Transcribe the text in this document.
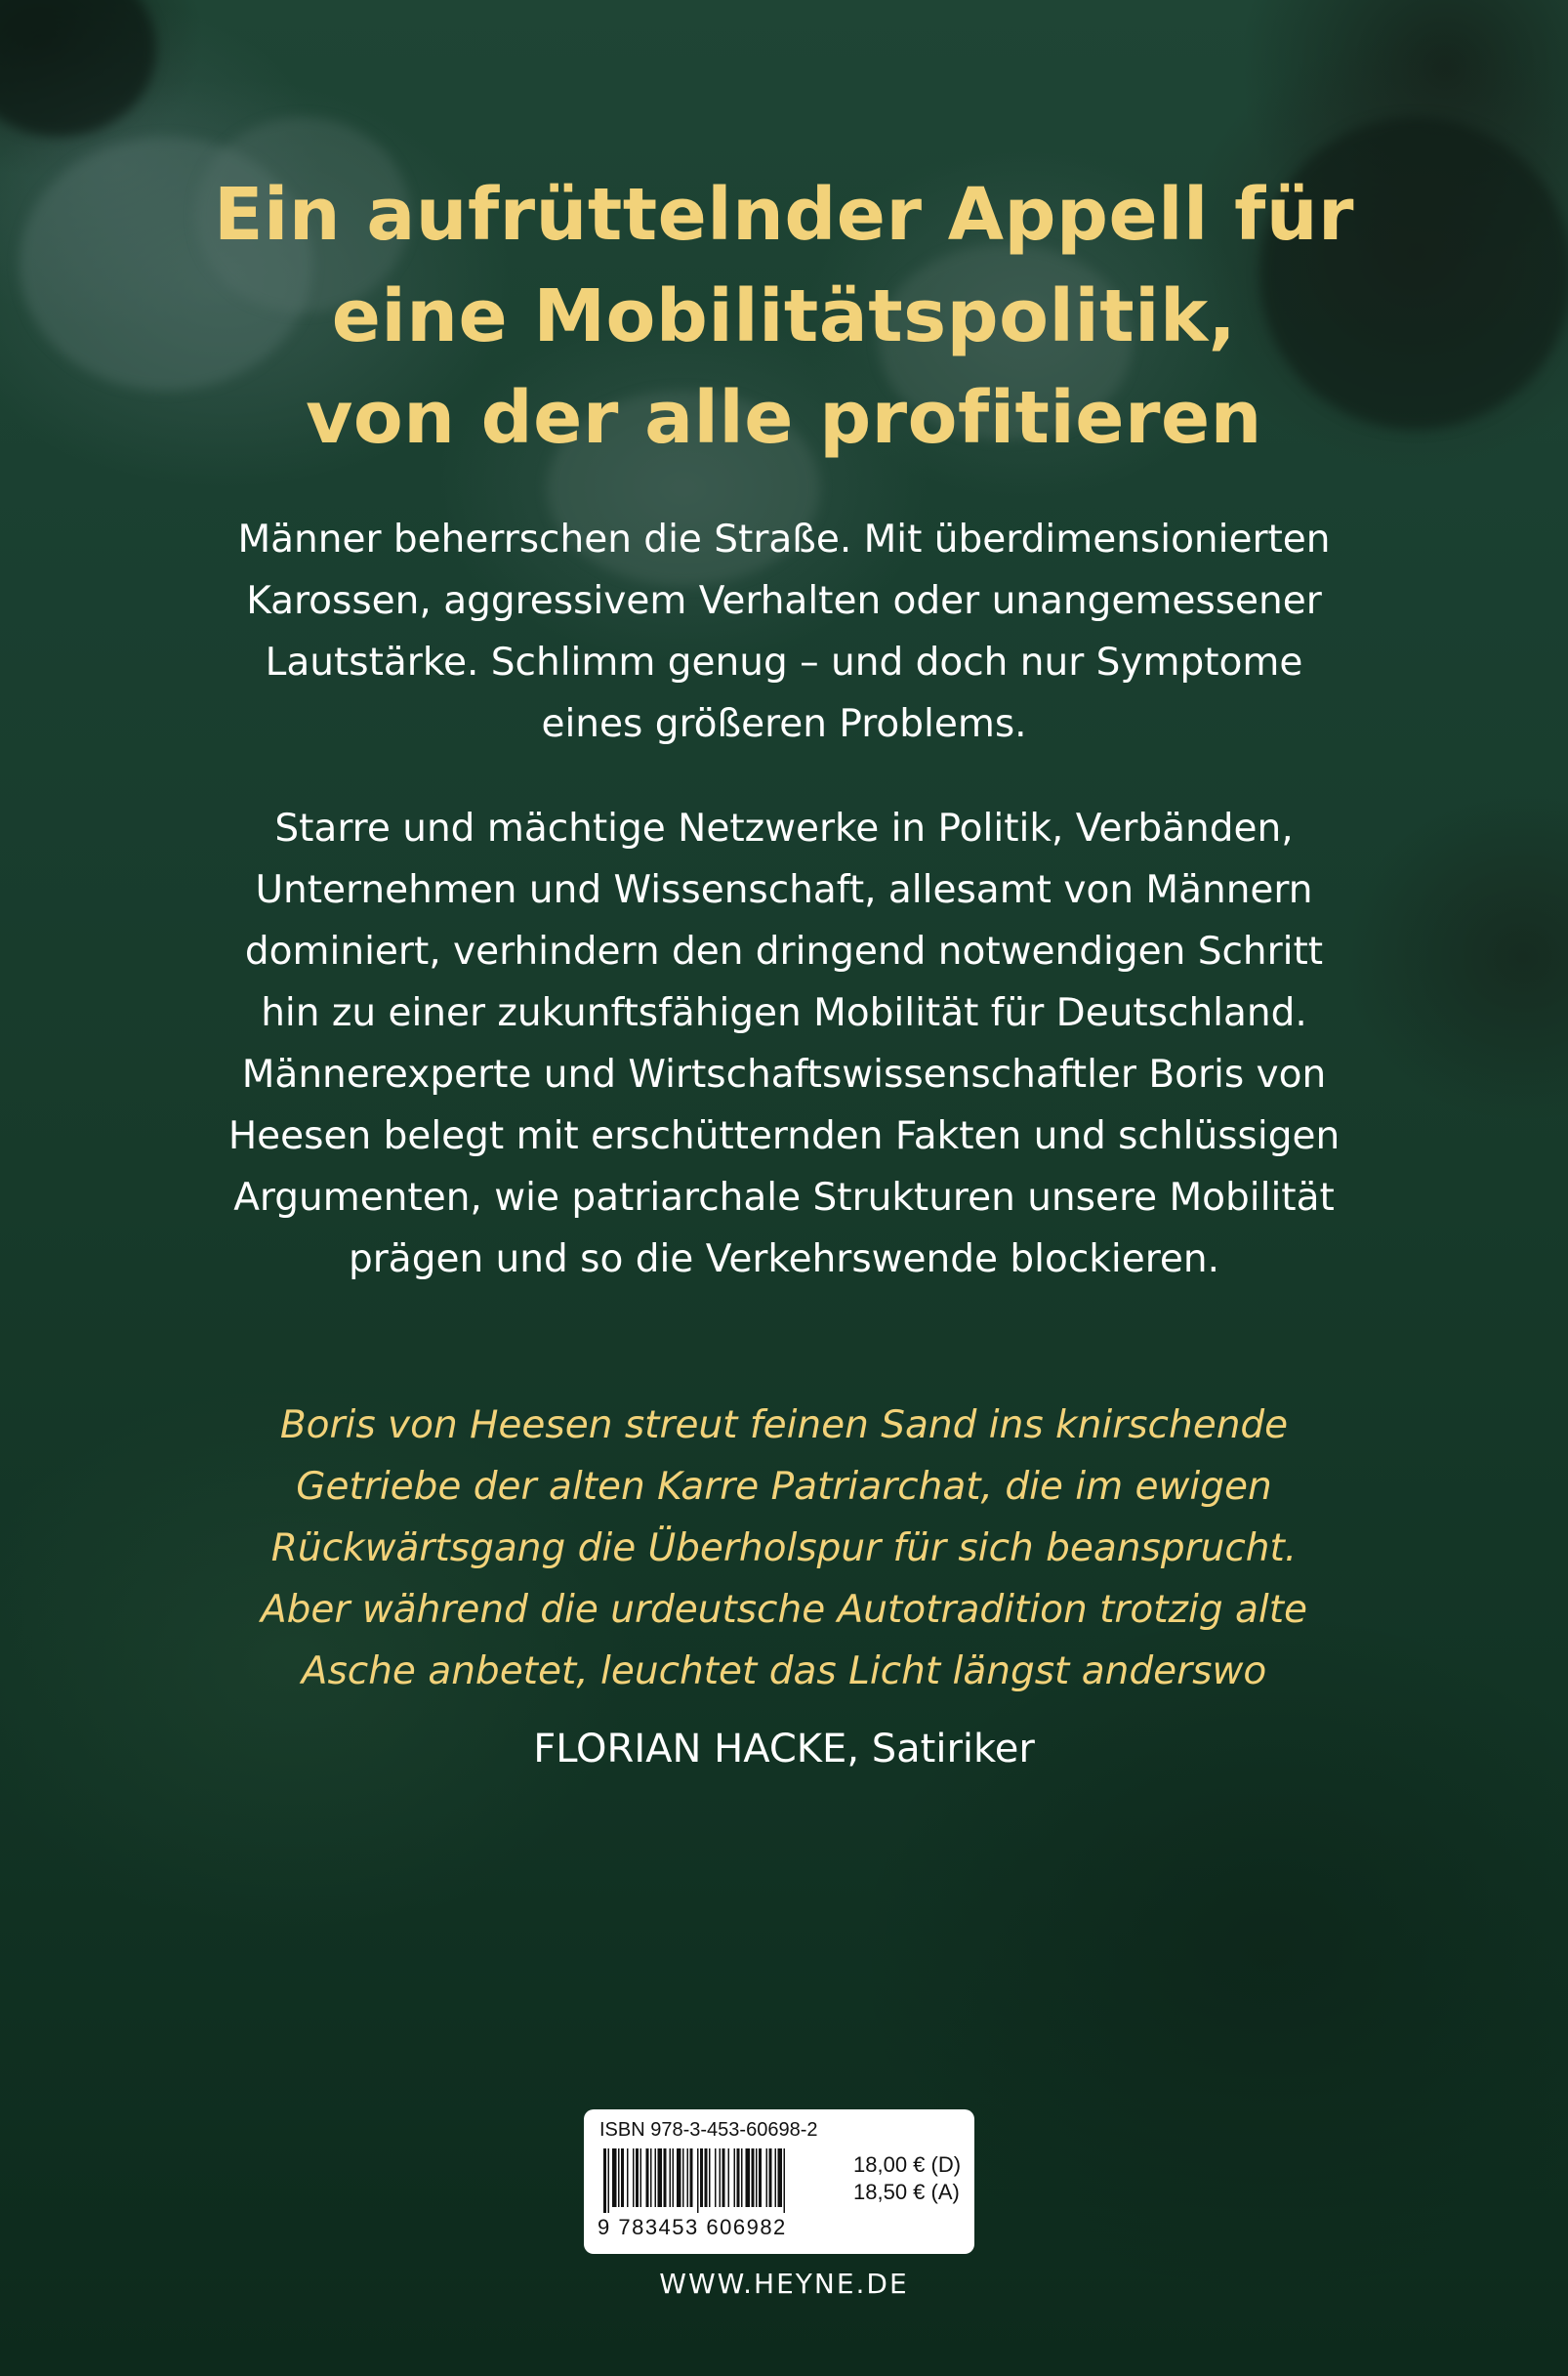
Ein aufrüttelnder Appell für
eine Mobilitätspolitik,
von der alle profitieren
Männer beherrschen die Straße. Mit überdimensionierten
Karossen, aggressivem Verhalten oder unangemessener
Lautstärke. Schlimm genug – und doch nur Symptome
eines größeren Problems.
Starre und mächtige Netzwerke in Politik, Verbänden,
Unternehmen und Wissenschaft, allesamt von Männern
dominiert, verhindern den dringend notwendigen Schritt
hin zu einer zukunftsfähigen Mobilität für Deutschland.
Männerexperte und Wirtschaftswissenschaftler Boris von
Heesen belegt mit erschütternden Fakten und schlüssigen
Argumenten, wie patriarchale Strukturen unsere Mobilität
prägen und so die Verkehrswende blockieren.
Boris von Heesen streut feinen Sand ins knirschende
Getriebe der alten Karre Patriarchat, die im ewigen
Rückwärtsgang die Überholspur für sich beansprucht.
Aber während die urdeutsche Autotradition trotzig alte
Asche anbetet, leuchtet das Licht längst anderswo
FLORIAN HACKE, Satiriker
ISBN 978-3-453-60698-2
9 783453 606982
18,00 € (D)
18,50 € (A)
WWW.HEYNE.DE
